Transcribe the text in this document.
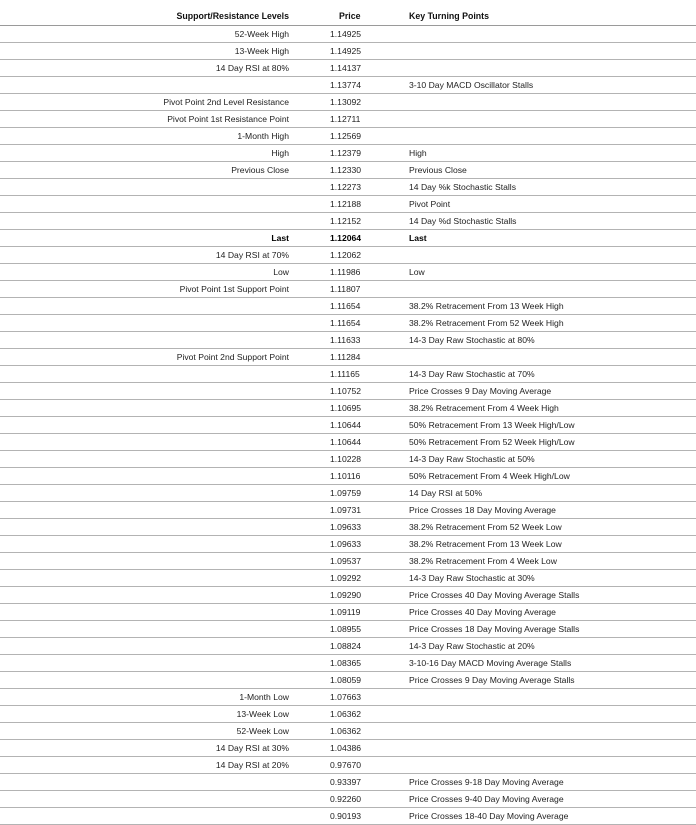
Support/Resistance Levels	Price	Key Turning Points
52-Week High	1.14925	
13-Week High	1.14925	
14 Day RSI at 80%	1.14137	
	1.13774	3-10 Day MACD Oscillator Stalls
Pivot Point 2nd Level Resistance	1.13092	
Pivot Point 1st Resistance Point	1.12711	
1-Month High	1.12569	
High	1.12379	High
Previous Close	1.12330	Previous Close
	1.12273	14 Day %k Stochastic Stalls
	1.12188	Pivot Point
	1.12152	14 Day %d Stochastic Stalls
Last	1.12064	Last
14 Day RSI at 70%	1.12062	
Low	1.11986	Low
Pivot Point 1st Support Point	1.11807	
	1.11654	38.2% Retracement From 13 Week High
	1.11654	38.2% Retracement From 52 Week High
	1.11633	14-3 Day Raw Stochastic at 80%
Pivot Point 2nd Support Point	1.11284	
	1.11165	14-3 Day Raw Stochastic at 70%
	1.10752	Price Crosses 9 Day Moving Average
	1.10695	38.2% Retracement From 4 Week High
	1.10644	50% Retracement From 13 Week High/Low
	1.10644	50% Retracement From 52 Week High/Low
	1.10228	14-3 Day Raw Stochastic at 50%
	1.10116	50% Retracement From 4 Week High/Low
	1.09759	14 Day RSI at 50%
	1.09731	Price Crosses 18 Day Moving Average
	1.09633	38.2% Retracement From 52 Week Low
	1.09633	38.2% Retracement From 13 Week Low
	1.09537	38.2% Retracement From 4 Week Low
	1.09292	14-3 Day Raw Stochastic at 30%
	1.09290	Price Crosses 40 Day Moving Average Stalls
	1.09119	Price Crosses 40 Day Moving Average
	1.08955	Price Crosses 18 Day Moving Average Stalls
	1.08824	14-3 Day Raw Stochastic at 20%
	1.08365	3-10-16 Day MACD Moving Average Stalls
	1.08059	Price Crosses 9 Day Moving Average Stalls
1-Month Low	1.07663	
13-Week Low	1.06362	
52-Week Low	1.06362	
14 Day RSI at 30%	1.04386	
14 Day RSI at 20%	0.97670	
	0.93397	Price Crosses 9-18 Day Moving Average
	0.92260	Price Crosses 9-40 Day Moving Average
	0.90193	Price Crosses 18-40 Day Moving Average
